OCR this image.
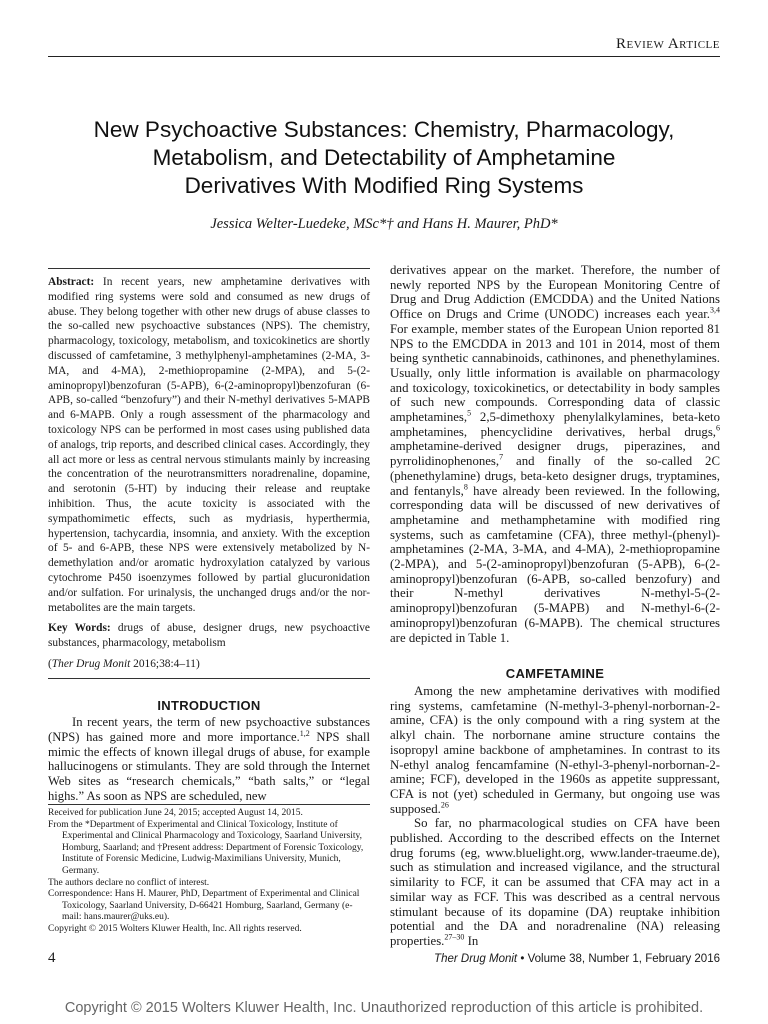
Review Article
New Psychoactive Substances: Chemistry, Pharmacology,
Metabolism, and Detectability of Amphetamine
Derivatives With Modified Ring Systems
Jessica Welter-Luedeke, MSc*† and Hans H. Maurer, PhD*
Abstract: In recent years, new amphetamine derivatives with modified ring systems were sold and consumed as new drugs of abuse. They belong together with other new drugs of abuse classes to the so-called new psychoactive substances (NPS). The chemistry, pharmacology, toxicology, metabolism, and toxicokinetics are shortly discussed of camfetamine, 3 methylphenyl-amphetamines (2-MA, 3-MA, and 4-MA), 2-methiopropamine (2-MPA), and 5-(2-aminopropyl)benzofuran (5-APB), 6-(2-aminopropyl)benzofuran (6-APB, so-called “benzofury”) and their N-methyl derivatives 5-MAPB and 6-MAPB. Only a rough assessment of the pharmacology and toxicology NPS can be performed in most cases using published data of analogs, trip reports, and described clinical cases. Accordingly, they all act more or less as central nervous stimulants mainly by increasing the concentration of the neurotransmitters noradrenaline, dopamine, and serotonin (5-HT) by inducing their release and reuptake inhibition. Thus, the acute toxicity is associated with the sympathomimetic effects, such as mydriasis, hyperthermia, hypertension, tachycardia, insomnia, and anxiety. With the exception of 5- and 6-APB, these NPS were extensively metabolized by N-demethylation and/or aromatic hydroxylation catalyzed by various cytochrome P450 isoenzymes followed by partial glucuronidation and/or sulfation. For urinalysis, the unchanged drugs and/or the nor-metabolites are the main targets.
Key Words: drugs of abuse, designer drugs, new psychoactive substances, pharmacology, metabolism
(Ther Drug Monit 2016;38:4–11)
INTRODUCTION
In recent years, the term of new psychoactive substances (NPS) has gained more and more importance.$^{1,2}$ NPS shall mimic the effects of known illegal drugs of abuse, for example hallucinogens or stimulants. They are sold through the Internet Web sites as “research chemicals,” “bath salts,” or “legal highs.” As soon as NPS are scheduled, new
Received for publication June 24, 2015; accepted August 14, 2015.
From the *Department of Experimental and Clinical Toxicology, Institute of Experimental and Clinical Pharmacology and Toxicology, Saarland University, Homburg, Saarland; and †Present address: Department of Forensic Toxicology, Institute of Forensic Medicine, Ludwig-Maximilians University, Munich, Germany.
The authors declare no conflict of interest.
Correspondence: Hans H. Maurer, PhD, Department of Experimental and Clinical Toxicology, Saarland University, D-66421 Homburg, Saarland, Germany (e-mail: hans.maurer@uks.eu).
Copyright © 2015 Wolters Kluwer Health, Inc. All rights reserved.
derivatives appear on the market. Therefore, the number of newly reported NPS by the European Monitoring Centre of Drug and Drug Addiction (EMCDDA) and the United Nations Office on Drugs and Crime (UNODC) increases each year.$^{3,4}$ For example, member states of the European Union reported 81 NPS to the EMCDDA in 2013 and 101 in 2014, most of them being synthetic cannabinoids, cathinones, and phenethylamines. Usually, only little information is available on pharmacology and toxicology, toxicokinetics, or detectability in body samples of such new compounds. Corresponding data of classic amphetamines,$^5$ 2,5-dimethoxy phenylalkylamines, beta-keto amphetamines, phencyclidine derivatives, herbal drugs,$^6$ amphetamine-derived designer drugs, piperazines, and pyrrolidinophenones,$^7$ and finally of the so-called 2C (phenethylamine) drugs, beta-keto designer drugs, tryptamines, and fentanyls,$^8$ have already been reviewed. In the following, corresponding data will be discussed of new derivatives of amphetamine and methamphetamine with modified ring systems, such as camfetamine (CFA), three methyl-(phenyl)-amphetamines (2-MA, 3-MA, and 4-MA), 2-methiopropamine (2-MPA), and 5-(2-aminopropyl)benzofuran (5-APB), 6-(2-aminopropyl)benzofuran (6-APB, so-called benzofury) and their N-methyl derivatives N-methyl-5-(2-aminopropyl)benzofuran (5-MAPB) and N-methyl-6-(2-aminopropyl)benzofuran (6-MAPB). The chemical structures are depicted in Table 1.
CAMFETAMINE
Among the new amphetamine derivatives with modified ring systems, camfetamine (N-methyl-3-phenyl-norbornan-2-amine, CFA) is the only compound with a ring system at the alkyl chain. The norbornane amine structure contains the isopropyl amine backbone of amphetamines. In contrast to its N-ethyl analog fencamfamine (N-ethyl-3-phenyl-norbornan-2-amine; FCF), developed in the 1960s as appetite suppressant, CFA is not (yet) scheduled in Germany, but ongoing use was supposed.$^{26}$
So far, no pharmacological studies on CFA have been published. According to the described effects on the Internet drug forums (eg, www.bluelight.org, www.lander-traeume.de), such as stimulation and increased vigilance, and the structural similarity to FCF, it can be assumed that CFA may act in a similar way as FCF. This was described as a central nervous stimulant because of its dopamine (DA) reuptake inhibition potential and the DA and noradrenaline (NA) releasing properties.$^{27-30}$ In
4	Ther Drug Monit • Volume 38, Number 1, February 2016
Copyright © 2015 Wolters Kluwer Health, Inc. Unauthorized reproduction of this article is prohibited.
